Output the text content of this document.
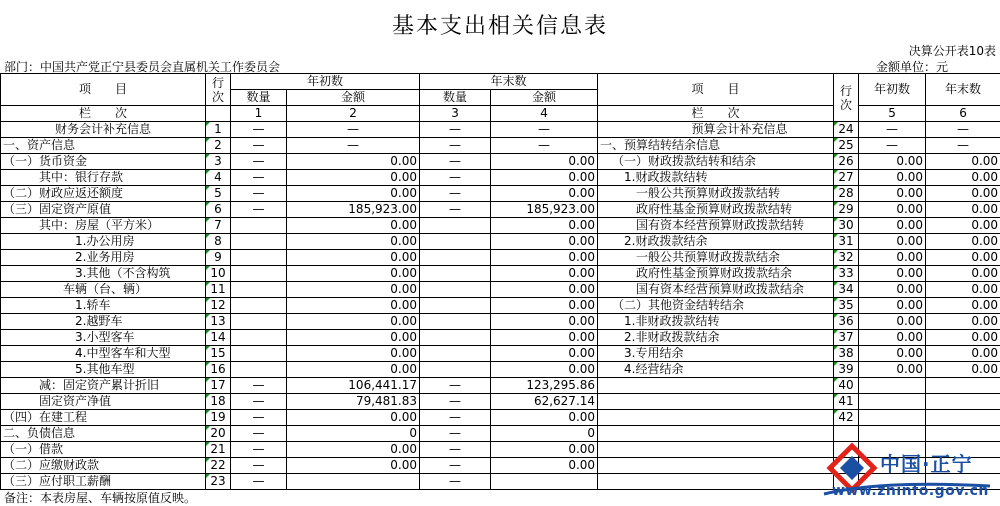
基本支出相关信息表
决算公开表10表
部门：中国共产党正宁县委员会直属机关工作委员会	金额单位：元
项　　目	行次	年初数		年末数		项　　目	行次	年初数	年末数
		数量	金额	数量	金额				
栏　　次		1	2	3	4	栏　　次		5	6
财务会计补充信息	1	—	—	—	—	预算会计补充信息	24	—	—
一、资产信息	2	—	—	—	—	一、预算结转结余信息	25	—	—
（一）货币资金	3	—	0.00	—	0.00	（一）财政拨款结转和结余	26	0.00	0.00
其中：银行存款	4	—	0.00	—	0.00	1.财政拨款结转	27	0.00	0.00
（二）财政应返还额度	5	—	0.00	—	0.00	一般公共预算财政拨款结转	28	0.00	0.00
（三）固定资产原值	6	—	185,923.00	—	185,923.00	政府性基金预算财政拨款结转	29	0.00	0.00
其中：房屋（平方米）	7		0.00		0.00	国有资本经营预算财政拨款结转	30	0.00	0.00
1.办公用房	8		0.00		0.00	2.财政拨款结余	31	0.00	0.00
2.业务用房	9		0.00		0.00	一般公共预算财政拨款结余	32	0.00	0.00
3.其他（不含构筑	10		0.00		0.00	政府性基金预算财政拨款结余	33	0.00	0.00
车辆（台、辆）	11		0.00		0.00	国有资本经营预算财政拨款结余	34	0.00	0.00
1.轿车	12		0.00		0.00	（二）其他资金结转结余	35	0.00	0.00
2.越野车	13		0.00		0.00	1.非财政拨款结转	36	0.00	0.00
3.小型客车	14		0.00		0.00	2.非财政拨款结余	37	0.00	0.00
4.中型客车和大型	15		0.00		0.00	3.专用结余	38	0.00	0.00
5.其他车型	16		0.00		0.00	4.经营结余	39	0.00	0.00
减：固定资产累计折旧	17	—	106,441.17	—	123,295.86		40		
固定资产净值	18	—	79,481.83	—	62,627.14		41		
（四）在建工程	19	—	0.00	—	0.00		42		
二、负债信息	20	—	0	—	0				
（一）借款	21	—	0.00	—	0.00				
（二）应缴财政款	22	—	0.00	—	0.00				
（三）应付职工薪酬	23	—		—					
备注：本表房屋、车辆按原值反映。
中国·正宁
www.zninfo.gov.cn
